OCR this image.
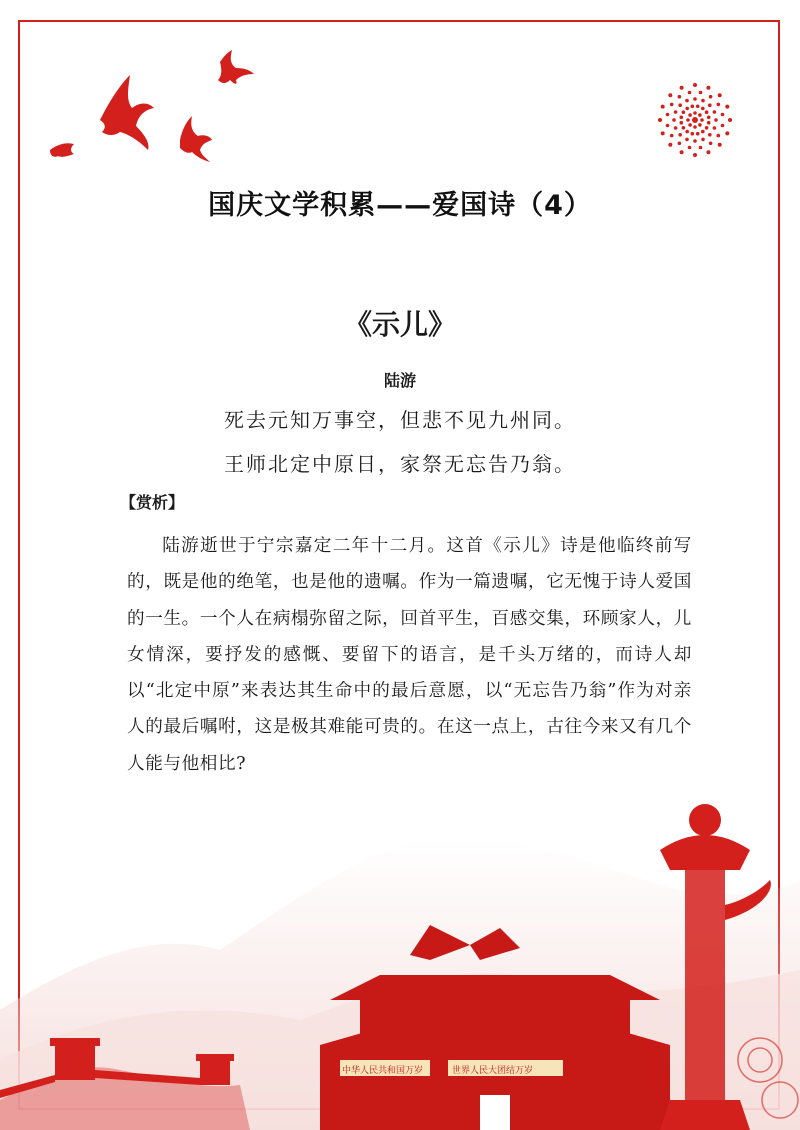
国庆文学积累——爱国诗（4）
《示儿》
陆游
死去元知万事空，但悲不见九州同。
王师北定中原日，家祭无忘告乃翁。
【赏析】

陆游逝世于宁宗嘉定二年十二月。这首《示儿》诗是他临终前写的，既是他的绝笔，也是他的遗嘱。作为一篇遗嘱，它无愧于诗人爱国的一生。一个人在病榻弥留之际，回首平生，百感交集，环顾家人，儿女情深，要抒发的感慨、要留下的语言，是千头万绪的，而诗人却以“北定中原”来表达其生命中的最后意愿，以“无忘告乃翁”作为对亲人的最后嘱咐，这是极其难能可贵的。在这一点上，古往今来又有几个人能与他相比?

中华人民共和国万岁	世界人民大团结万岁
